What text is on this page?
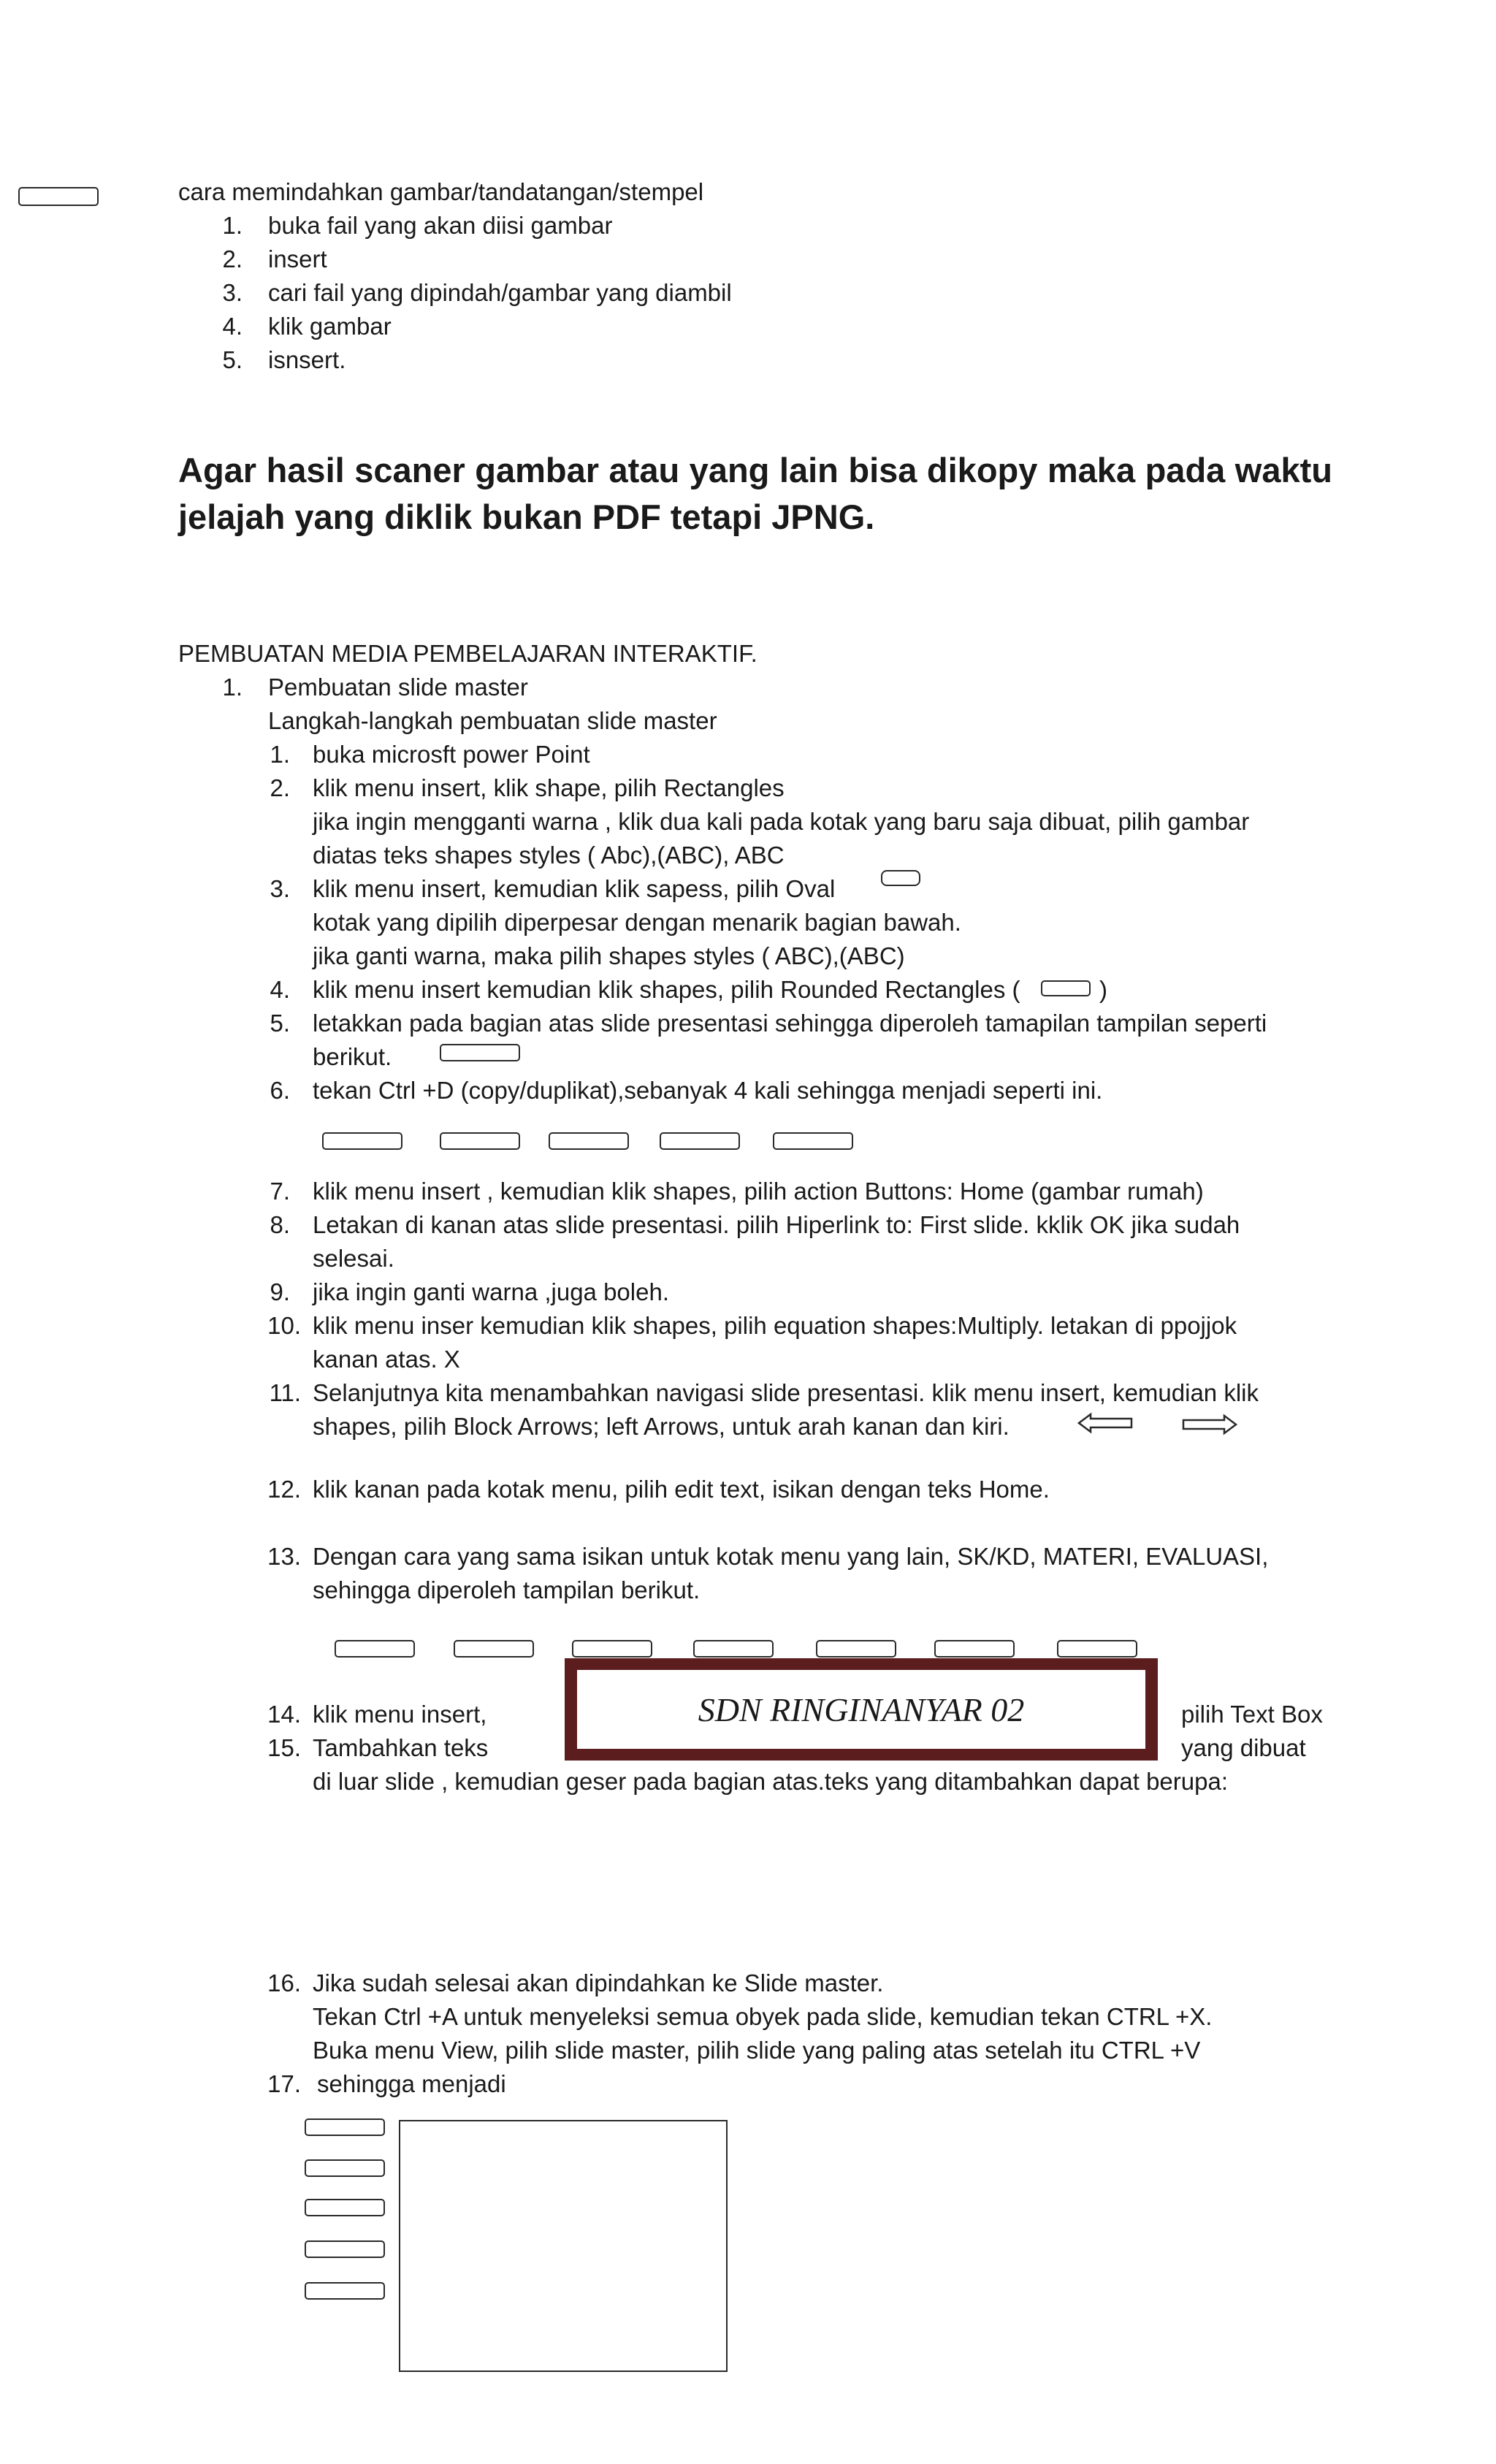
cara memindahkan gambar/tandatangan/stempel
1. buka fail yang akan diisi gambar
2. insert
3. cari fail yang dipindah/gambar yang diambil
4. klik gambar
5. isnsert.
Agar hasil scaner gambar atau yang lain bisa dikopy maka pada waktu
jelajah yang diklik bukan PDF tetapi JPNG.
PEMBUATAN MEDIA PEMBELAJARAN INTERAKTIF.
1. Pembuatan slide master
Langkah-langkah pembuatan slide master
1. buka microsft power Point
2. klik menu insert, klik shape, pilih Rectangles
jika ingin mengganti warna , klik dua kali pada kotak yang baru saja dibuat, pilih gambar
diatas teks shapes styles ( Abc),(ABC), ABC
3. klik menu insert, kemudian klik sapess, pilih Oval
kotak yang dipilih diperpesar dengan menarik bagian bawah.
jika ganti warna, maka pilih shapes styles ( ABC),(ABC)
4. klik menu insert kemudian klik shapes, pilih Rounded Rectangles (	)
5. letakkan pada bagian atas slide presentasi sehingga diperoleh tamapilan tampilan seperti
berikut.
6. tekan Ctrl +D (copy/duplikat),sebanyak 4 kali sehingga menjadi seperti ini.
7. klik menu insert , kemudian klik shapes, pilih action Buttons: Home (gambar rumah)
8. Letakan di kanan atas slide presentasi. pilih Hiperlink to: First slide. kklik OK jika sudah
selesai.
9. jika ingin ganti warna ,juga boleh.
10. klik menu inser kemudian klik shapes, pilih equation shapes:Multiply. letakan di ppojjok
kanan atas. X
11. Selanjutnya kita menambahkan navigasi slide presentasi. klik menu insert, kemudian klik
shapes, pilih Block Arrows; left Arrows, untuk arah kanan dan kiri.
12. klik kanan pada kotak menu, pilih edit text, isikan dengan teks Home.
13. Dengan cara yang sama isikan untuk kotak menu yang lain, SK/KD, MATERI, EVALUASI,
sehingga diperoleh tampilan berikut.
14. klik menu insert,	pilih Text Box
15. Tambahkan teks	yang dibuat
di luar slide , kemudian geser pada bagian atas.teks yang ditambahkan dapat berupa:
SDN RINGINANYAR 02
16. Jika sudah selesai akan dipindahkan ke Slide master.
Tekan Ctrl +A untuk menyeleksi semua obyek pada slide, kemudian tekan CTRL +X.
Buka menu View, pilih slide master, pilih slide yang paling atas setelah itu CTRL +V
17. sehingga menjadi
